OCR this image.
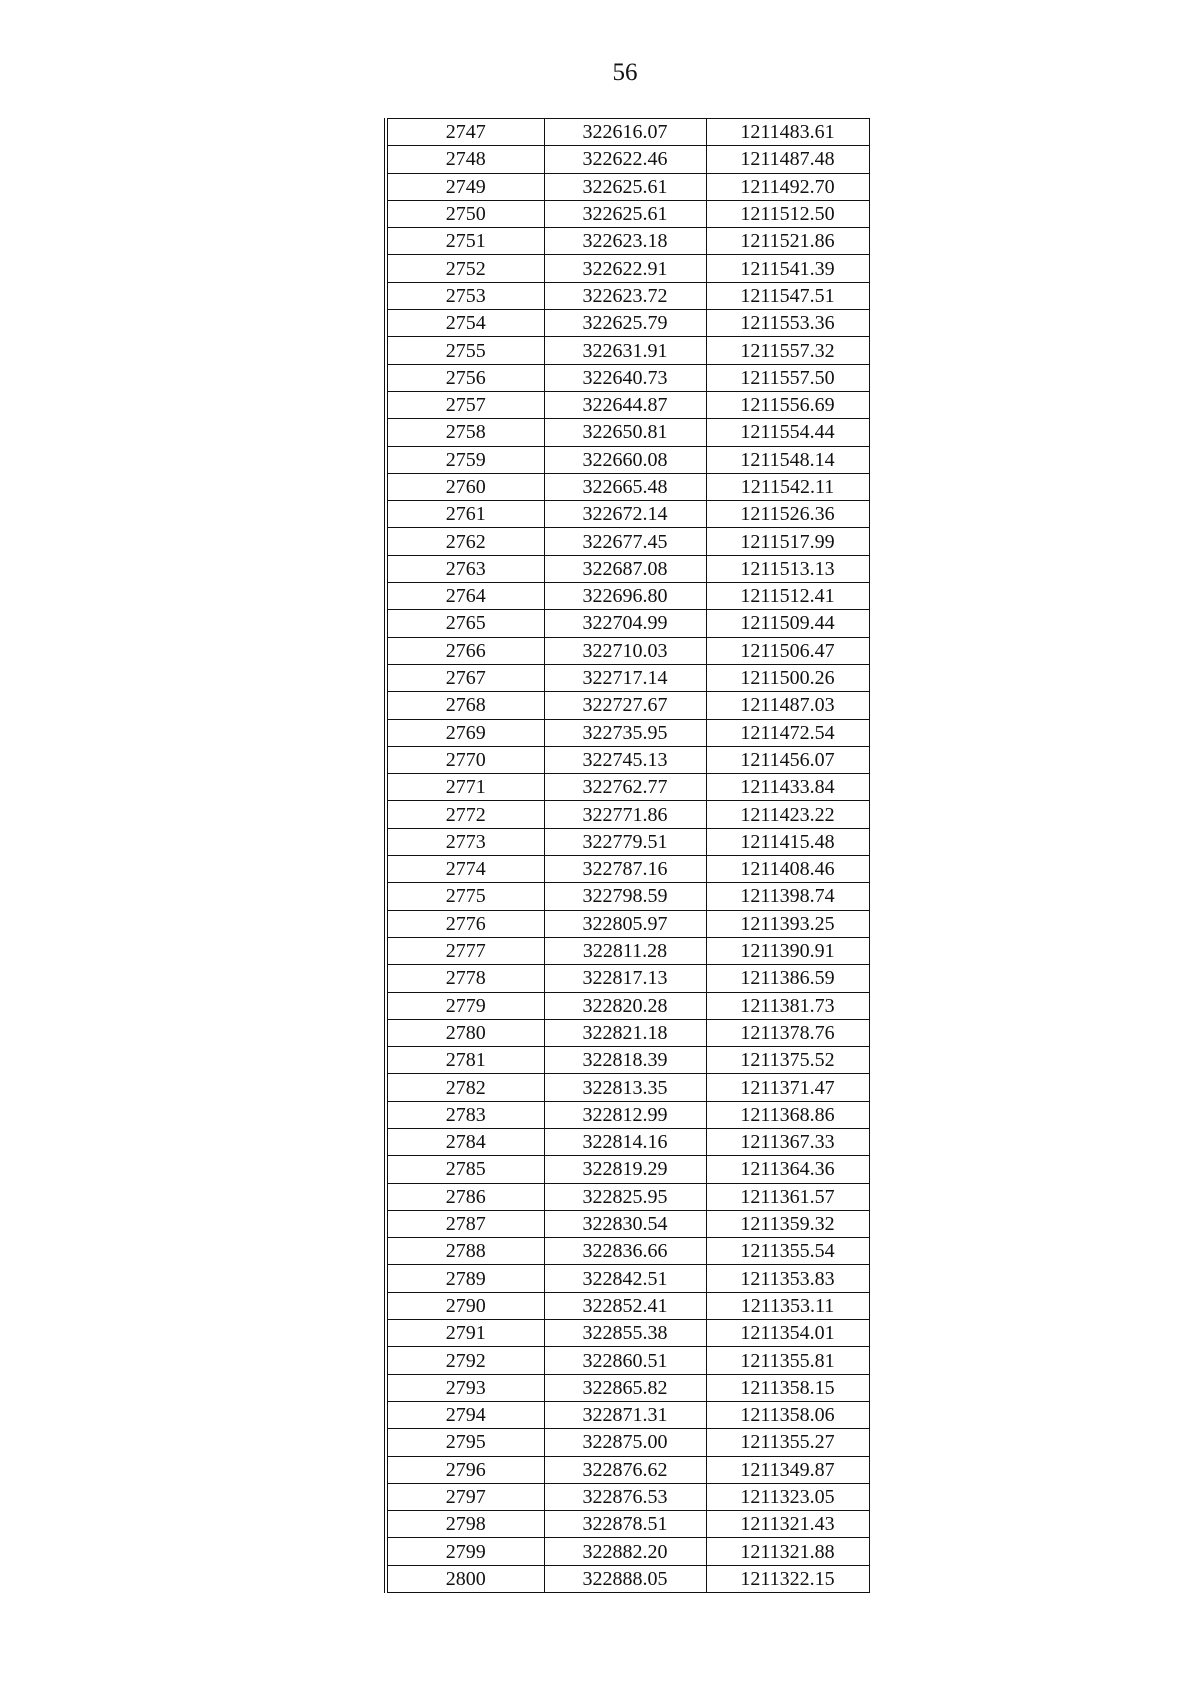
56
2747	322616.07	1211483.61
2748	322622.46	1211487.48
2749	322625.61	1211492.70
2750	322625.61	1211512.50
2751	322623.18	1211521.86
2752	322622.91	1211541.39
2753	322623.72	1211547.51
2754	322625.79	1211553.36
2755	322631.91	1211557.32
2756	322640.73	1211557.50
2757	322644.87	1211556.69
2758	322650.81	1211554.44
2759	322660.08	1211548.14
2760	322665.48	1211542.11
2761	322672.14	1211526.36
2762	322677.45	1211517.99
2763	322687.08	1211513.13
2764	322696.80	1211512.41
2765	322704.99	1211509.44
2766	322710.03	1211506.47
2767	322717.14	1211500.26
2768	322727.67	1211487.03
2769	322735.95	1211472.54
2770	322745.13	1211456.07
2771	322762.77	1211433.84
2772	322771.86	1211423.22
2773	322779.51	1211415.48
2774	322787.16	1211408.46
2775	322798.59	1211398.74
2776	322805.97	1211393.25
2777	322811.28	1211390.91
2778	322817.13	1211386.59
2779	322820.28	1211381.73
2780	322821.18	1211378.76
2781	322818.39	1211375.52
2782	322813.35	1211371.47
2783	322812.99	1211368.86
2784	322814.16	1211367.33
2785	322819.29	1211364.36
2786	322825.95	1211361.57
2787	322830.54	1211359.32
2788	322836.66	1211355.54
2789	322842.51	1211353.83
2790	322852.41	1211353.11
2791	322855.38	1211354.01
2792	322860.51	1211355.81
2793	322865.82	1211358.15
2794	322871.31	1211358.06
2795	322875.00	1211355.27
2796	322876.62	1211349.87
2797	322876.53	1211323.05
2798	322878.51	1211321.43
2799	322882.20	1211321.88
2800	322888.05	1211322.15
